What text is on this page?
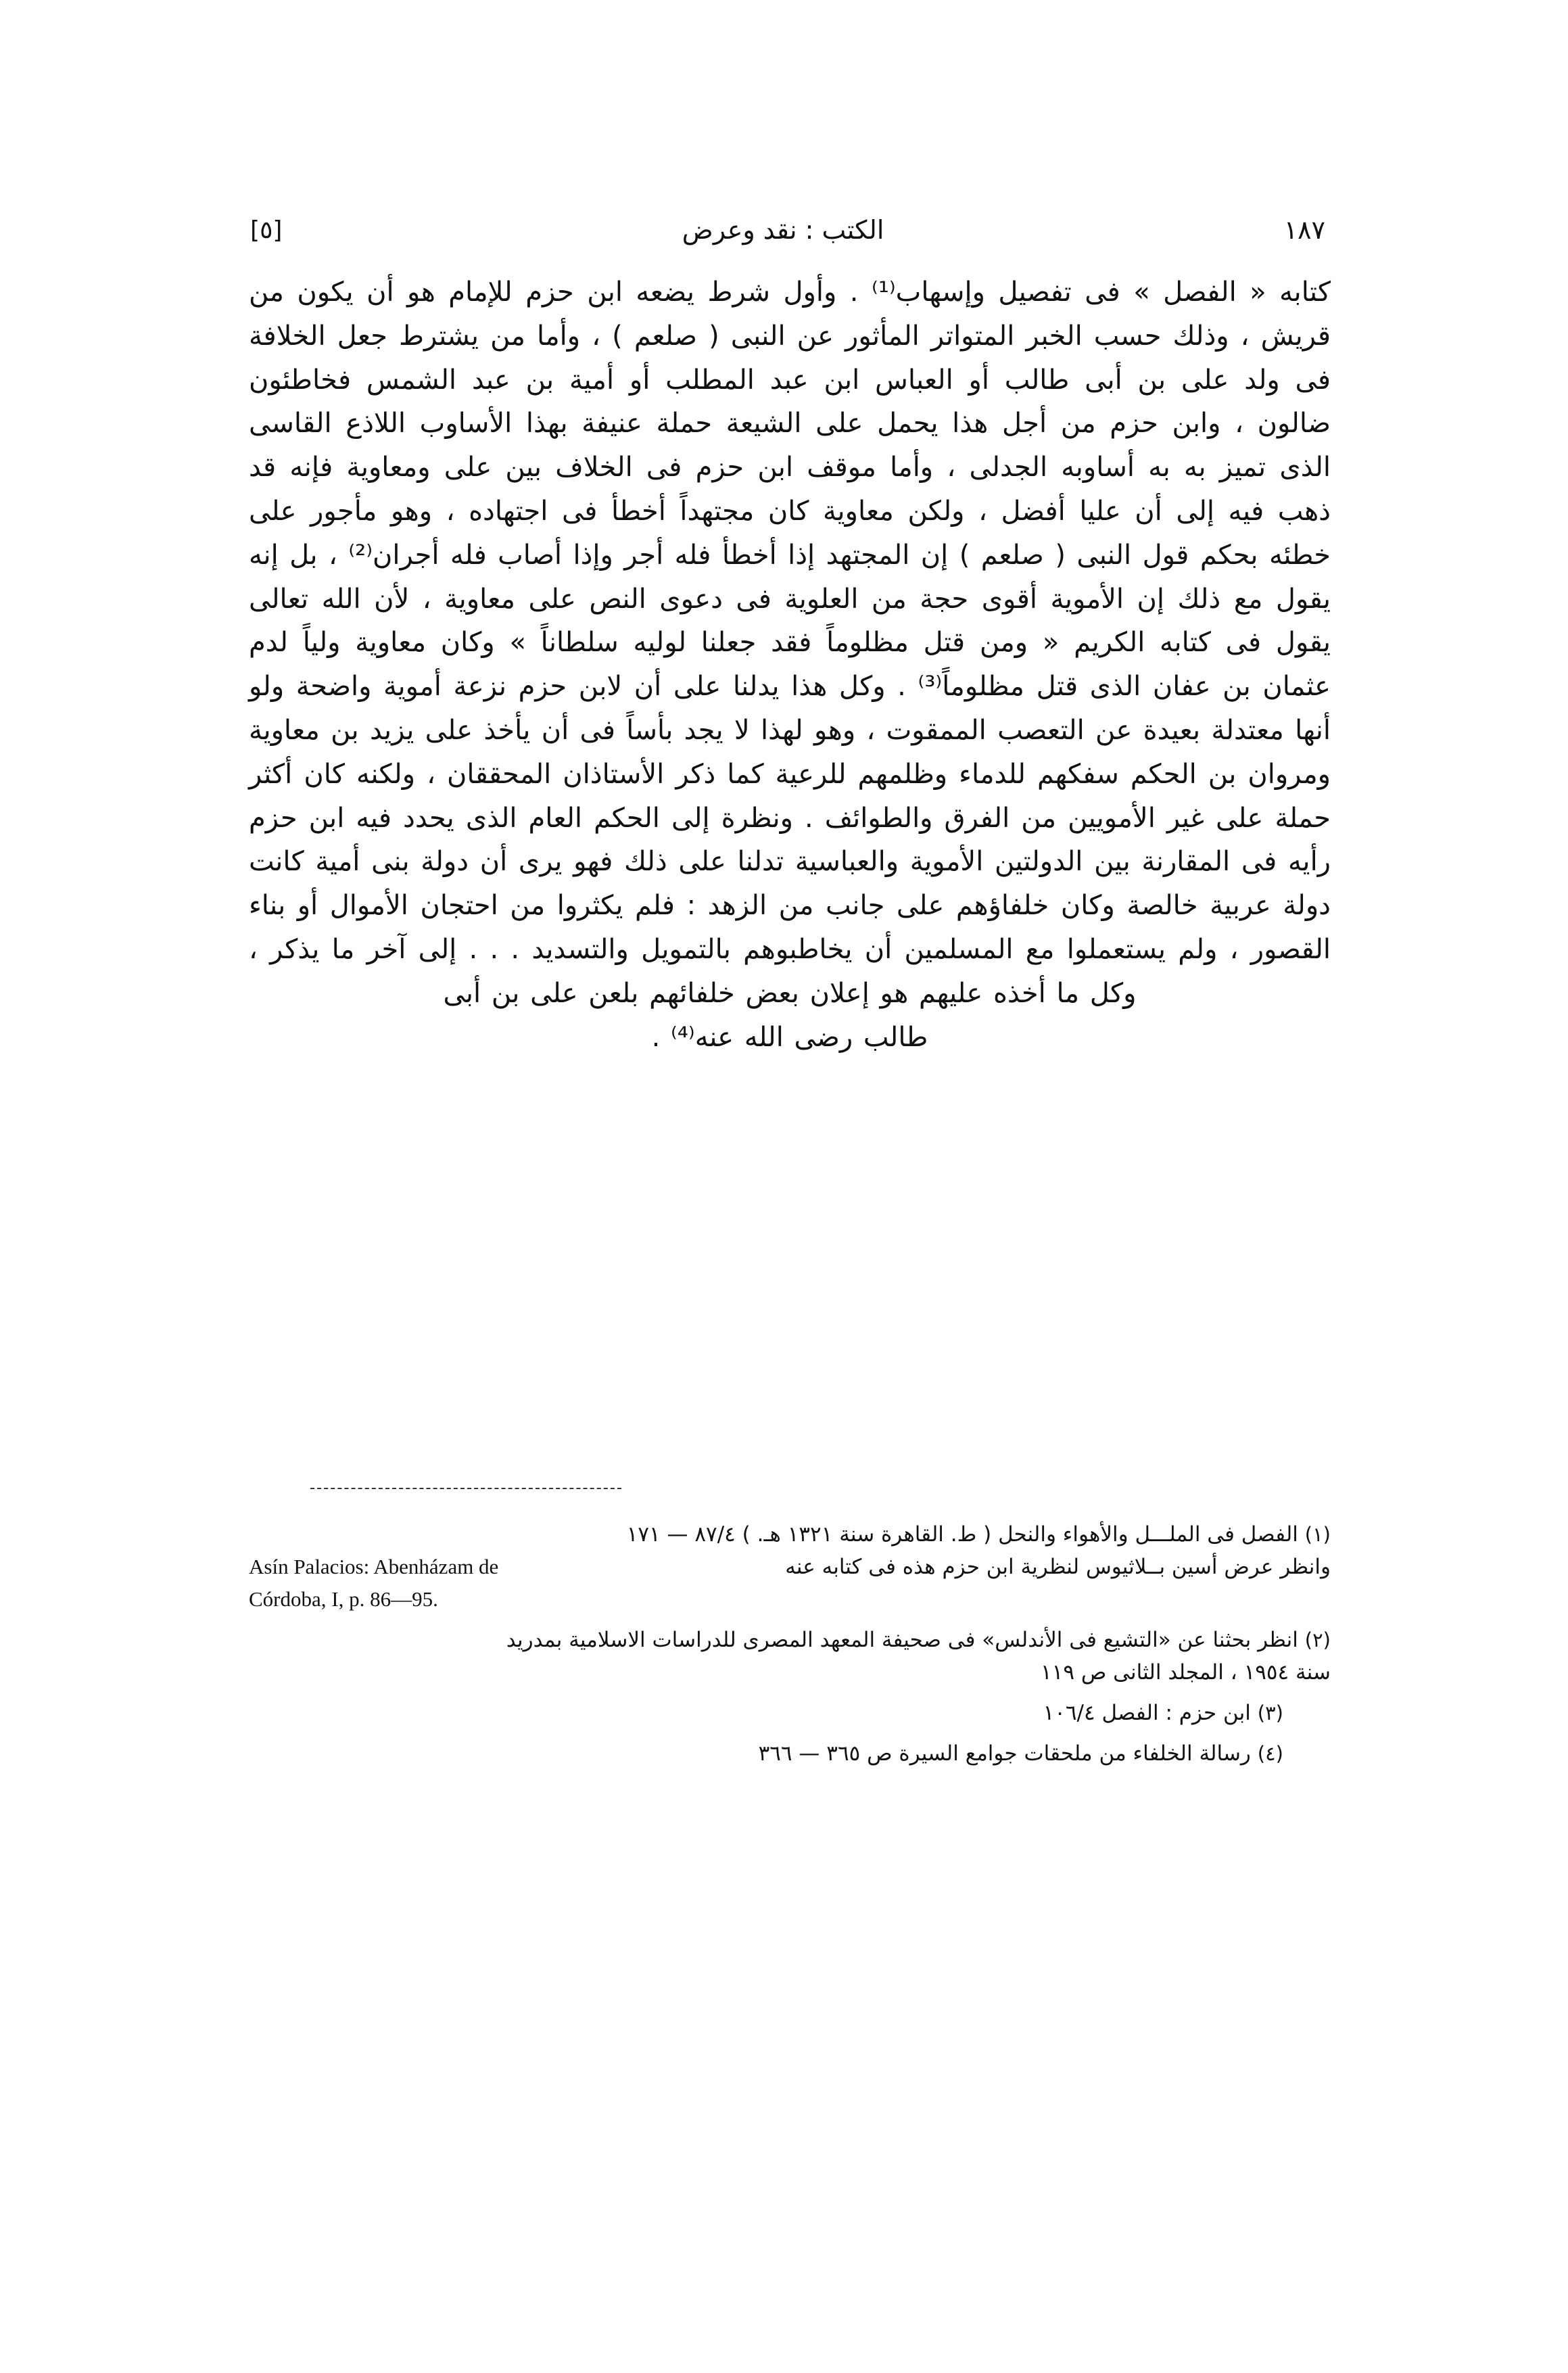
١٨٧
الكتب : نقد وعرض
[٥]

كتابه « الفصل » فى تفصيل وإسهاب⁽¹⁾ . وأول شرط يضعه ابن حزم للإمام هو أن يكون من قريش ، وذلك حسب الخبر المتواتر المأثور عن النبى ( صلعم ) ، وأما من يشترط جعل الخلافة فى ولد على بن أبى طالب أو العباس ابن عبد المطلب أو أمية بن عبد الشمس فخاطئون ضالون ، وابن حزم من أجل هذا يحمل على الشيعة حملة عنيفة بهذا الأساوب اللاذع القاسى الذى تميز به به أساوبه الجدلى ، وأما موقف ابن حزم فى الخلاف بين على ومعاوية فإنه قد ذهب فيه إلى أن عليا أفضل ، ولكن معاوية كان مجتهداً أخطأ فى اجتهاده ، وهو مأجور على خطئه بحكم قول النبى ( صلعم ) إن المجتهد إذا أخطأ فله أجر وإذا أصاب فله أجران⁽²⁾ ، بل إنه يقول مع ذلك إن الأموية أقوى حجة من العلوية فى دعوى النص على معاوية ، لأن الله تعالى يقول فى كتابه الكريم « ومن قتل مظلوماً فقد جعلنا لوليه سلطاناً » وكان معاوية ولياً لدم عثمان بن عفان الذى قتل مظلوماً⁽³⁾ . وكل هذا يدلنا على أن لابن حزم نزعة أموية واضحة ولو أنها معتدلة بعيدة عن التعصب الممقوت ، وهو لهذا لا يجد بأساً فى أن يأخذ على يزيد بن معاوية ومروان بن الحكم سفكهم للدماء وظلمهم للرعية كما ذكر الأستاذان المحققان ، ولكنه كان أكثر حملة على غير الأمويين من الفرق والطوائف . ونظرة إلى الحكم العام الذى يحدد فيه ابن حزم رأيه فى المقارنة بين الدولتين الأموية والعباسية تدلنا على ذلك فهو يرى أن دولة بنى أمية كانت دولة عربية خالصة وكان خلفاؤهم على جانب من الزهد : فلم يكثروا من احتجان الأموال أو بناء القصور ، ولم يستعملوا مع المسلمين أن يخاطبوهم بالتمويل والتسديد . . . إلى آخر ما يذكر ، وكل ما أخذه عليهم هو إعلان بعض خلفائهم بلعن على بن أبى

طالب رضى الله عنه⁽⁴⁾ .

(١) الفصل فى الملـــل والأهواء والنحل ( ط. القاهرة سنة ١٣٢١ هـ. ) ٨٧/٤ — ١٧١
Asín Palacios: Abenházam de	وانظر عرض أسين بــلاثيوس لنظرية ابن حزم هذه فى كتابه عنه
Córdoba, I, p. 86—95.
(٢) انظر بحثنا عن «التشيع فى الأندلس» فى صحيفة المعهد المصرى للدراسات الاسلامية بمدريد
سنة ١٩٥٤ ، المجلد الثانى ص ١١٩
(٣) ابن حزم : الفصل ١٠٦/٤
(٤) رسالة الخلفاء من ملحقات جوامع السيرة ص ٣٦٥ — ٣٦٦
